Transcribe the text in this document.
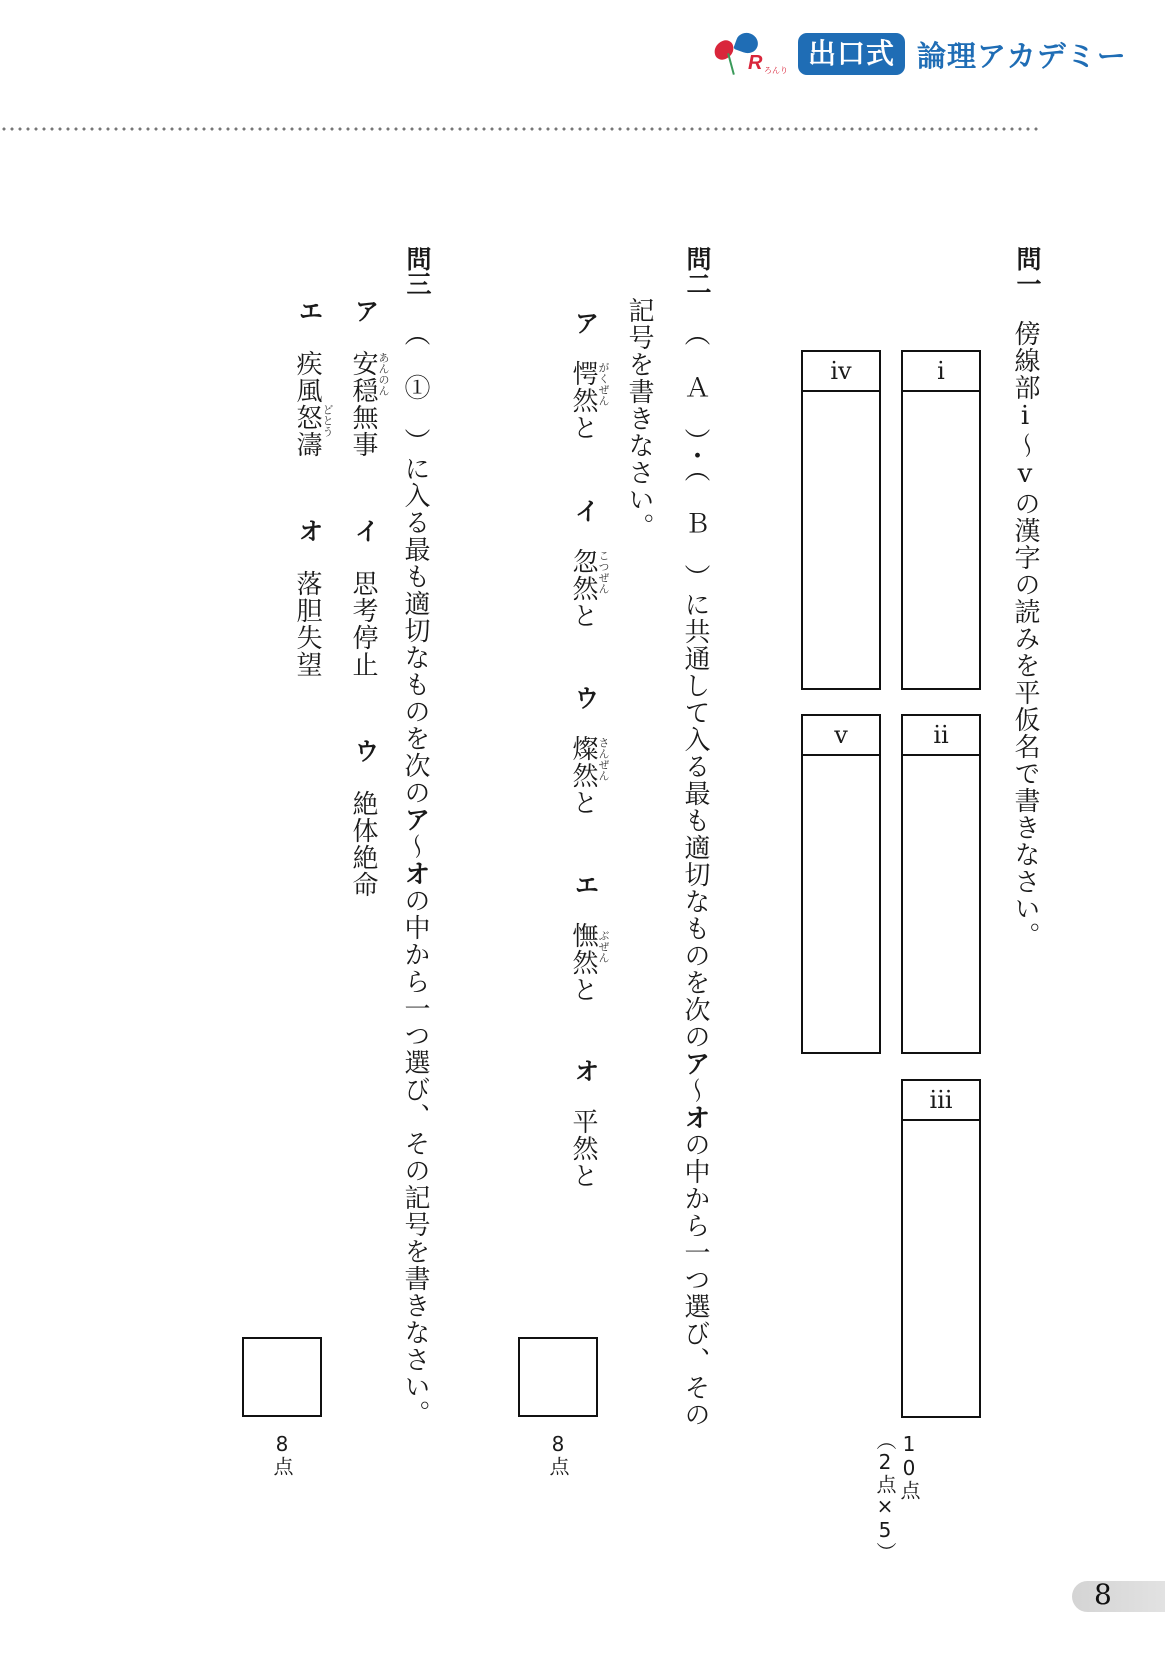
R ろんり
出口式 論理アカデミー
問一
傍線部ⅰ～ⅴの漢字の読みを平仮名で書きなさい。
ⅰ
ⅳ
ⅱ
ⅴ
ⅲ
10点
（2点×5）
問二
（　Ａ　）・（　Ｂ　）に共通して入る最も適切なものを次のア～オの中から一つ選び、その
記号を書きなさい。
ア
愕然と がくぜん
イ
忽然と こつぜん
ウ
燦然と さんぜん
エ
憮然と ぶぜん
オ
平然と
8点
問三
（　①　）に入る最も適切なものを次のア～オの中から一つ選び、その記号を書きなさい。
ア
安穏無事 あんのん
イ
思考停止
ウ
絶体絶命
エ
疾風怒濤 どとう
オ
落胆失望
8点
8
